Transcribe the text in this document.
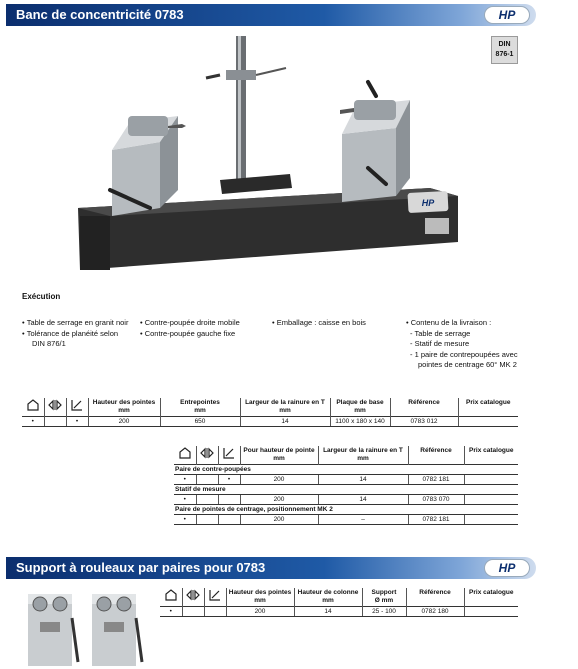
Banc de concentricité 0783	HP
DIN
876-1
HP
Exécution
• Table de serrage en granit noir
• Tolérance de planéité selon DIN 876/1
• Contre-poupée droite mobile
• Contre-poupée gauche fixe
• Emballage : caisse en bois	• Contenu de la livraison :
- Table de serrage
- Statif de mesure
- 1 paire de contrepoupées avec pointes de centrage 60° MK 2
			Hauteur des pointes
mm	Entrepointes
mm	Largeur de la rainure en T
mm	Plaque de base
mm	Référence	Prix catalogue
•		•	200	650	14	1100 x 180 x 140	0783 012	
			Pour hauteur de pointe
mm	Largeur de la rainure en T
mm	Référence	Prix catalogue
Paire de contre-poupées						
•		•	200	14	0782 181	
Statif de mesure						
•			200	14	0783 070	
Paire de pointes de centrage, positionnement MK 2						
•			200	–	0782 181	
Support à rouleaux par paires pour 0783	HP
			Hauteur des pointes
mm	Hauteur de colonne
mm	Support
Ø mm	Référence	Prix catalogue
•			200	14	25 - 100	0782 180	
